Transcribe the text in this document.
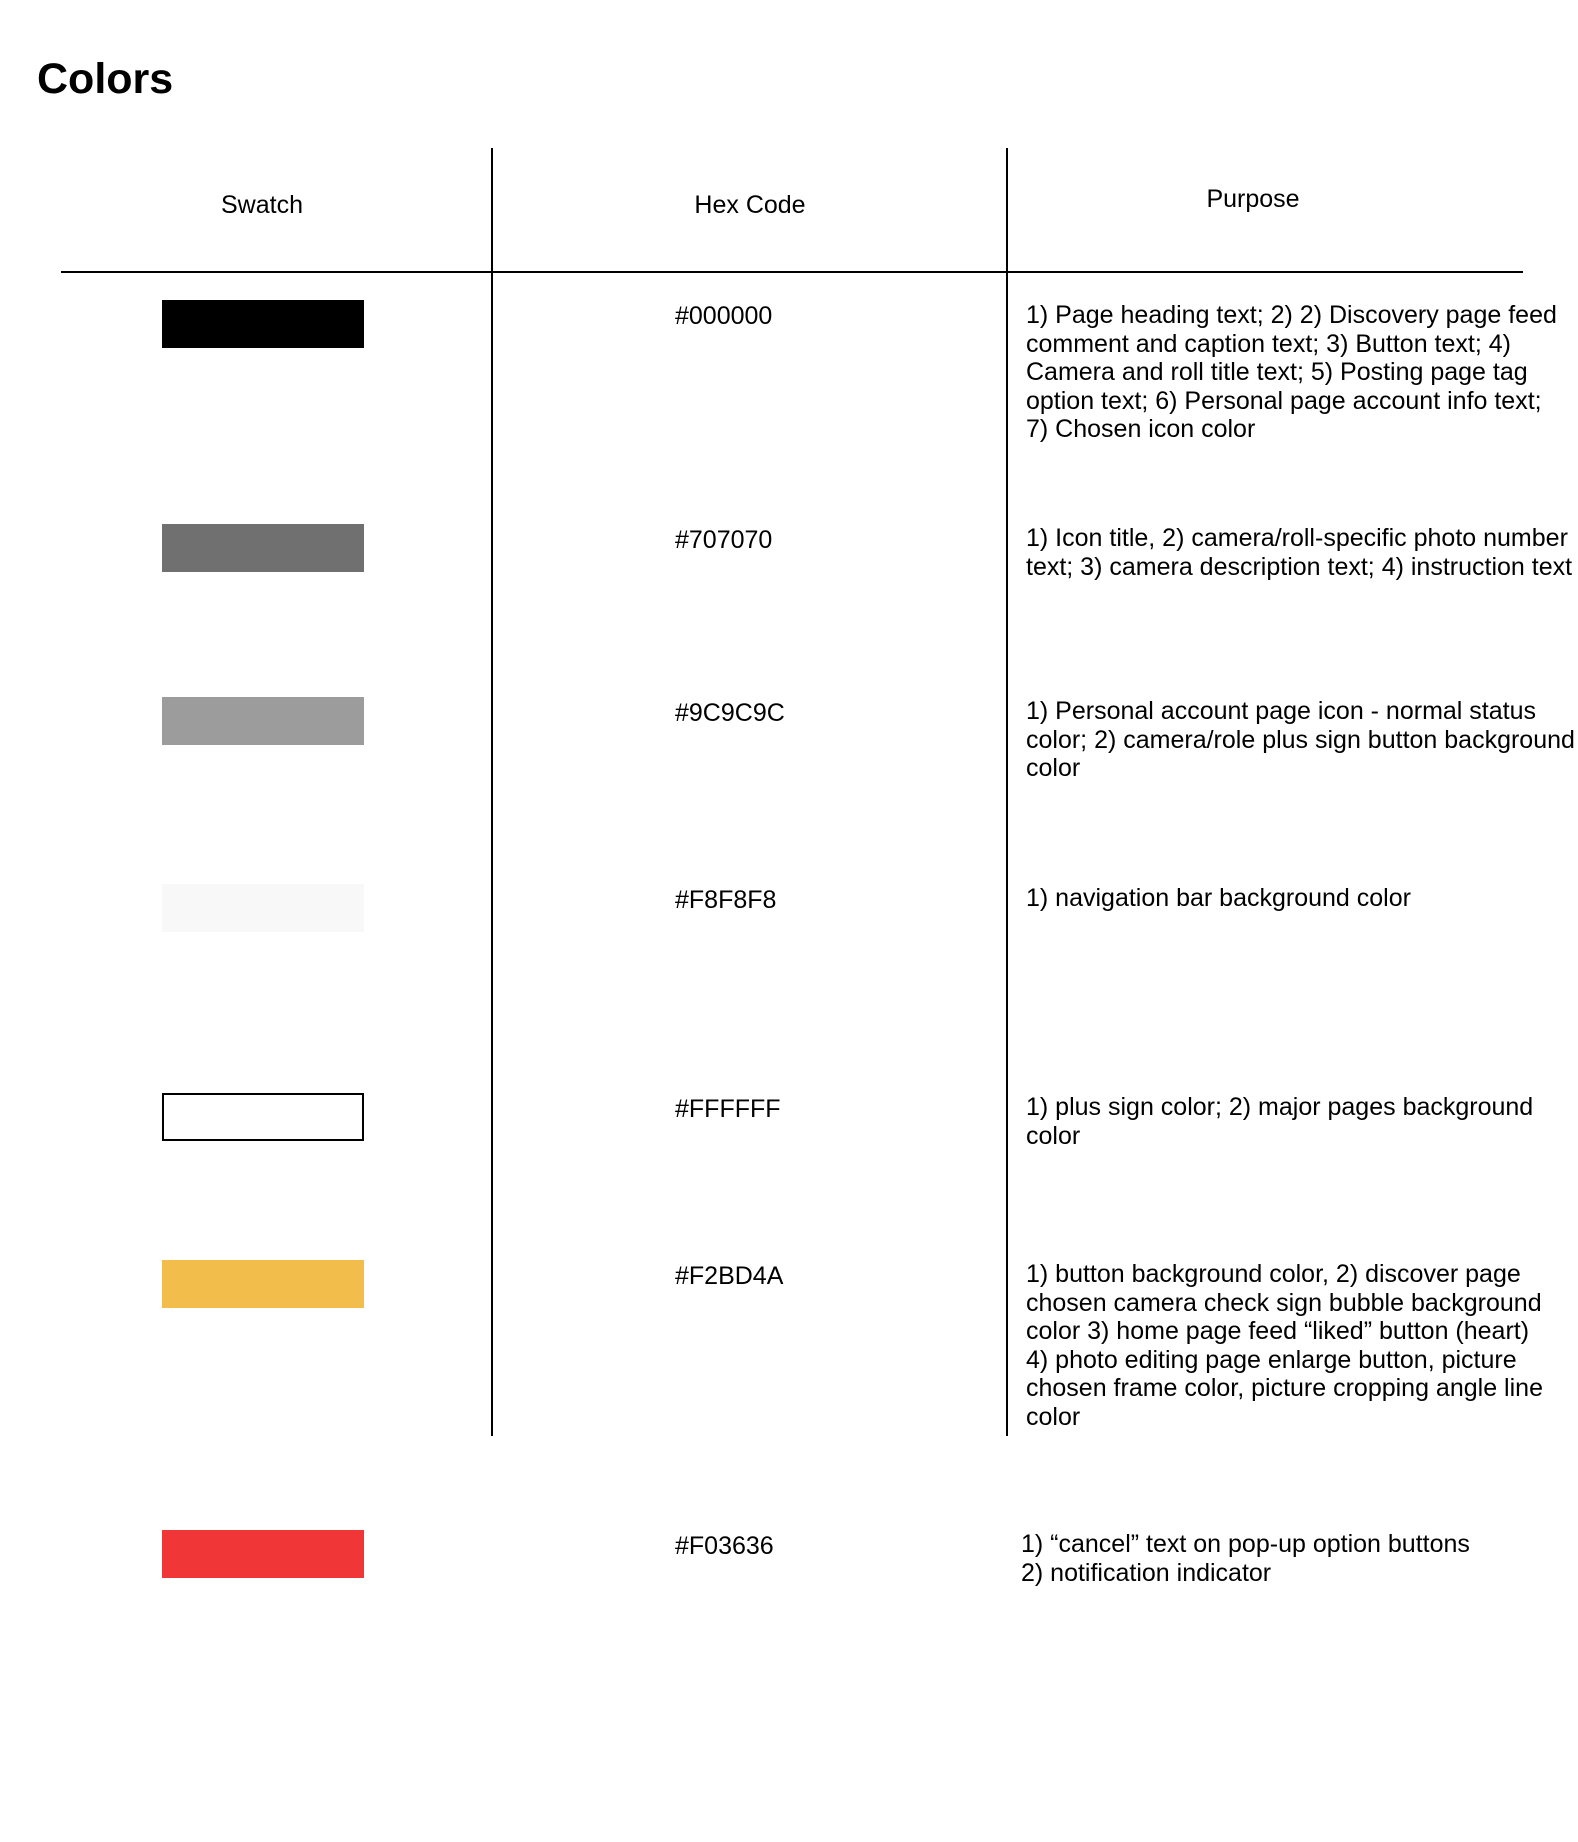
Colors
Swatch	Hex Code	Purpose
#000000	1) Page heading text; 2) 2) Discovery page feed
comment and caption text; 3) Button text; 4)
Camera and roll title text; 5) Posting page tag
option text; 6) Personal page account info text;
7) Chosen icon color
#707070	1) Icon title, 2) camera/roll-specific photo number
text; 3) camera description text; 4) instruction text
#9C9C9C	1) Personal account page icon - normal status
color; 2) camera/role plus sign button background
color
#F8F8F8	1) navigation bar background color
#FFFFFF	1) plus sign color; 2) major pages background
color
#F2BD4A	1) button background color, 2) discover page
chosen camera check sign bubble background
color 3) home page feed “liked” button (heart)
4) photo editing page enlarge button, picture
chosen frame color, picture cropping angle line
color
#F03636	1) “cancel” text on pop-up option buttons
2) notification indicator
